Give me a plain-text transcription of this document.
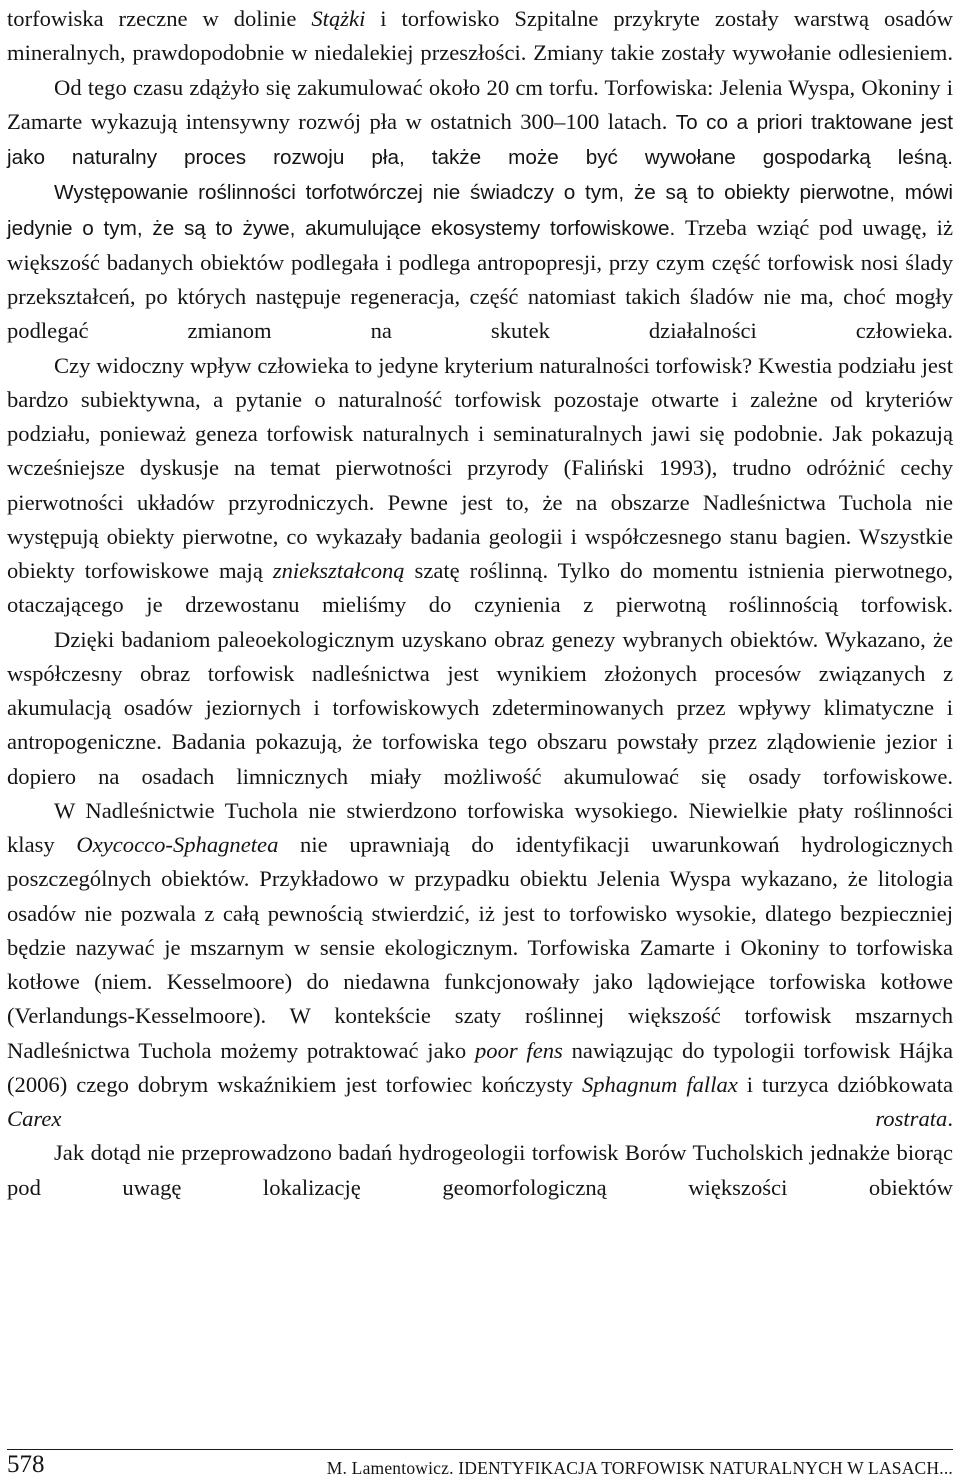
torfowiska rzeczne w dolinie Stążki i torfowisko Szpitalne przykryte zostały warstwą osadów mineralnych, prawdopodobnie w niedalekiej przeszłości. Zmiany takie zostały wywołanie odlesieniem.

Od tego czasu zdążyło się zakumulować około 20 cm torfu. Torfowiska: Jelenia Wyspa, Okoniny i Zamarte wykazują intensywny rozwój pła w ostatnich 300–100 latach. To co a priori traktowane jest jako naturalny proces rozwoju pła, także może być wywołane gospodarką leśną.

Występowanie roślinności torfotwórczej nie świadczy o tym, że są to obiekty pierwotne, mówi jedynie o tym, że są to żywe, akumulujące ekosystemy torfowiskowe. Trzeba wziąć pod uwagę, iż większość badanych obiektów podlegała i podlega antropopresji, przy czym część torfowisk nosi ślady przekształceń, po których następuje regeneracja, część natomiast takich śladów nie ma, choć mogły podlegać zmianom na skutek działalności człowieka.

Czy widoczny wpływ człowieka to jedyne kryterium naturalności torfowisk? Kwestia podziału jest bardzo subiektywna, a pytanie o naturalność torfowisk pozostaje otwarte i zależne od kryteriów podziału, ponieważ geneza torfowisk naturalnych i seminaturalnych jawi się podobnie. Jak pokazują wcześniejsze dyskusje na temat pierwotności przyrody (Faliński 1993), trudno odróżnić cechy pierwotności układów przyrodniczych. Pewne jest to, że na obszarze Nadleśnictwa Tuchola nie występują obiekty pierwotne, co wykazały badania geologii i współczesnego stanu bagien. Wszystkie obiekty torfowiskowe mają zniekształconą szatę roślinną. Tylko do momentu istnienia pierwotnego, otaczającego je drzewostanu mieliśmy do czynienia z pierwotną roślinnością torfowisk.

Dzięki badaniom paleoekologicznym uzyskano obraz genezy wybranych obiektów. Wykazano, że współczesny obraz torfowisk nadleśnictwa jest wynikiem złożonych procesów związanych z akumulacją osadów jeziornych i torfowiskowych zdeterminowanych przez wpływy klimatyczne i antropogeniczne. Badania pokazują, że torfowiska tego obszaru powstały przez zlądowienie jezior i dopiero na osadach limnicznych miały możliwość akumulować się osady torfowiskowe.

W Nadleśnictwie Tuchola nie stwierdzono torfowiska wysokiego. Niewielkie płaty roślinności klasy Oxycocco-Sphagnetea nie uprawniają do identyfikacji uwarunkowań hydrologicznych poszczególnych obiektów. Przykładowo w przypadku obiektu Jelenia Wyspa wykazano, że litologia osadów nie pozwala z całą pewnością stwierdzić, iż jest to torfowisko wysokie, dlatego bezpieczniej będzie nazywać je mszarnym w sensie ekologicznym. Torfowiska Zamarte i Okoniny to torfowiska kotłowe (niem. Kesselmoore) do niedawna funkcjonowały jako lądowiejące torfowiska kotłowe (Verlandungs-Kesselmoore). W kontekście szaty roślinnej większość torfowisk mszarnych Nadleśnictwa Tuchola możemy potraktować jako poor fens nawiązując do typologii torfowisk Hájka (2006) czego dobrym wskaźnikiem jest torfowiec kończysty Sphagnum fallax i turzyca dzióbkowata Carex rostrata.

Jak dotąd nie przeprowadzono badań hydrogeologii torfowisk Borów Tucholskich jednakże biorąc pod uwagę lokalizację geomorfologiczną większości obiektów

578	M. Lamentowicz. IDENTYFIKACJA TORFOWISK NATURALNYCH W LASACH...
